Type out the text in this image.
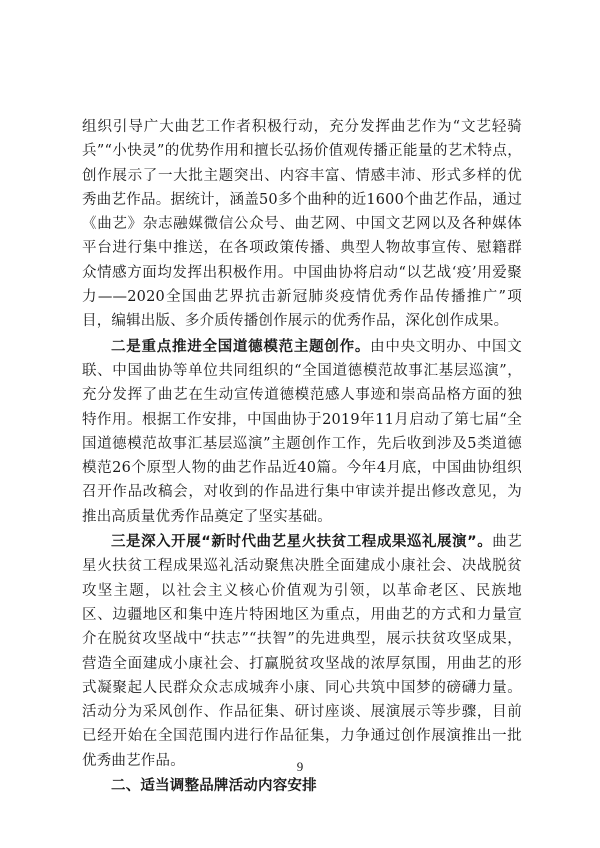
组织引导广大曲艺工作者积极行动，充分发挥曲艺作为“文艺轻骑兵”“小快灵”的优势作用和擅长弘扬价值观传播正能量的艺术特点，创作展示了一大批主题突出、内容丰富、情感丰沛、形式多样的优秀曲艺作品。据统计，涵盖50多个曲种的近1600个曲艺作品，通过《曲艺》杂志融媒微信公众号、曲艺网、中国文艺网以及各种媒体平台进行集中推送，在各项政策传播、典型人物故事宣传、慰籍群众情感方面均发挥出积极作用。中国曲协将启动“以艺战‘疫’用爱聚力——2020全国曲艺界抗击新冠肺炎疫情优秀作品传播推广”项目，编辑出版、多介质传播创作展示的优秀作品，深化创作成果。

二是重点推进全国道德模范主题创作。由中央文明办、中国文联、中国曲协等单位共同组织的“全国道德模范故事汇基层巡演”，充分发挥了曲艺在生动宣传道德模范感人事迹和崇高品格方面的独特作用。根据工作安排，中国曲协于2019年11月启动了第七届“全国道德模范故事汇基层巡演”主题创作工作，先后收到涉及5类道德模范26个原型人物的曲艺作品近40篇。今年4月底，中国曲协组织召开作品改稿会，对收到的作品进行集中审读并提出修改意见，为推出高质量优秀作品奠定了坚实基础。

三是深入开展“新时代曲艺星火扶贫工程成果巡礼展演”。曲艺星火扶贫工程成果巡礼活动聚焦决胜全面建成小康社会、决战脱贫攻坚主题，以社会主义核心价值观为引领，以革命老区、民族地区、边疆地区和集中连片特困地区为重点，用曲艺的方式和力量宣介在脱贫攻坚战中“扶志”“扶智”的先进典型，展示扶贫攻坚成果，营造全面建成小康社会、打赢脱贫攻坚战的浓厚氛围，用曲艺的形式凝聚起人民群众众志成城奔小康、同心共筑中国梦的磅礴力量。活动分为采风创作、作品征集、研讨座谈、展演展示等步骤，目前已经开始在全国范围内进行作品征集，力争通过创作展演推出一批优秀曲艺作品。

二、适当调整品牌活动内容安排

9
